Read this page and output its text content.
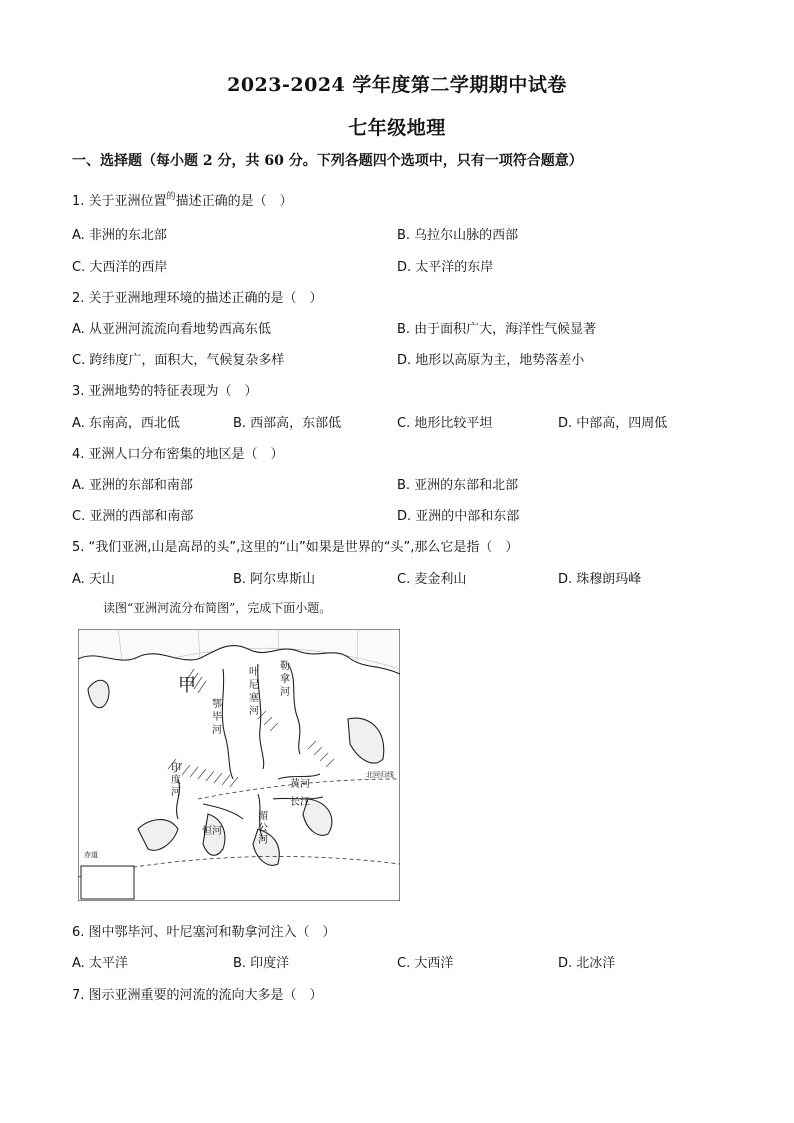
2023-2024 学年度第二学期期中试卷
七年级地理
一、选择题（每小题 2 分，共 60 分。下列各题四个选项中，只有一项符合题意）
1. 关于亚洲位置$^的$描述正确的是（　）
A. 非洲的东北部	B. 乌拉尔山脉的西部
C. 大西洋的西岸	D. 太平洋的东岸
2. 关于亚洲地理环境的描述正确的是（　）
A. 从亚洲河流流向看地势西高东低	B. 由于面积广大，海洋性气候显著
C. 跨纬度广，面积大，气候复杂多样	D. 地形以高原为主，地势落差小
3. 亚洲地势的特征表现为（　）
A. 东南高，西北低	B. 西部高，东部低	C. 地形比较平坦	D. 中部高，四周低
4. 亚洲人口分布密集的地区是（　）
A. 亚洲的东部和南部	B. 亚洲的东部和北部
C. 亚洲的西部和南部	D. 亚洲的中部和东部
5. “我们亚洲,山是高昂的头”,这里的“山”如果是世界的“头”,那么它是指（　）
A. 天山	B. 阿尔卑斯山	C. 麦金利山	D. 珠穆朗玛峰
读图“亚洲河流分布简图”，完成下面小题。
甲
鄂
毕
河
叶
尼
塞
河
勒
拿
河
印
度
河
恒河
湄
公
河
黄河
长江
赤道
北回归线
6. 图中鄂毕河、叶尼塞河和勒拿河注入（　）
A. 太平洋	B. 印度洋	C. 大西洋	D. 北冰洋
7. 图示亚洲重要的河流的流向大多是（　）
